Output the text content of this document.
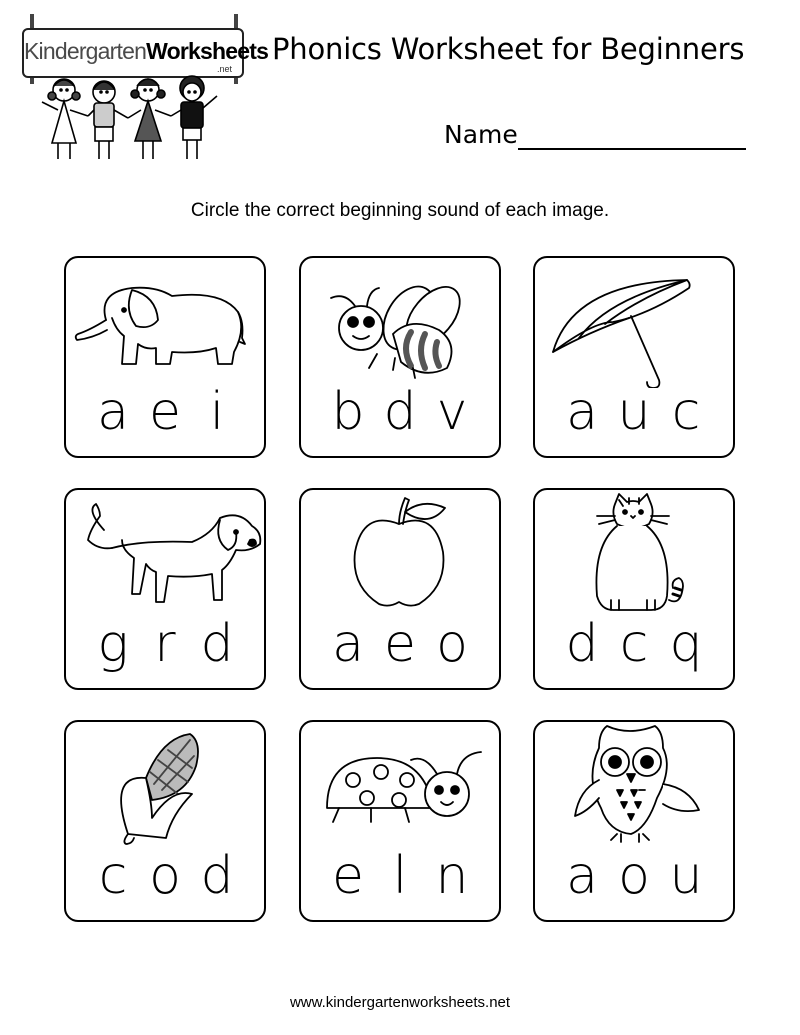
KindergartenWorksheets
.net
Phonics Worksheet for Beginners
Name
Circle the correct beginning sound of each image.
a e i b d v a u c
g r d a e o d c q
c o d e l n a o u
www.kindergartenworksheets.net
